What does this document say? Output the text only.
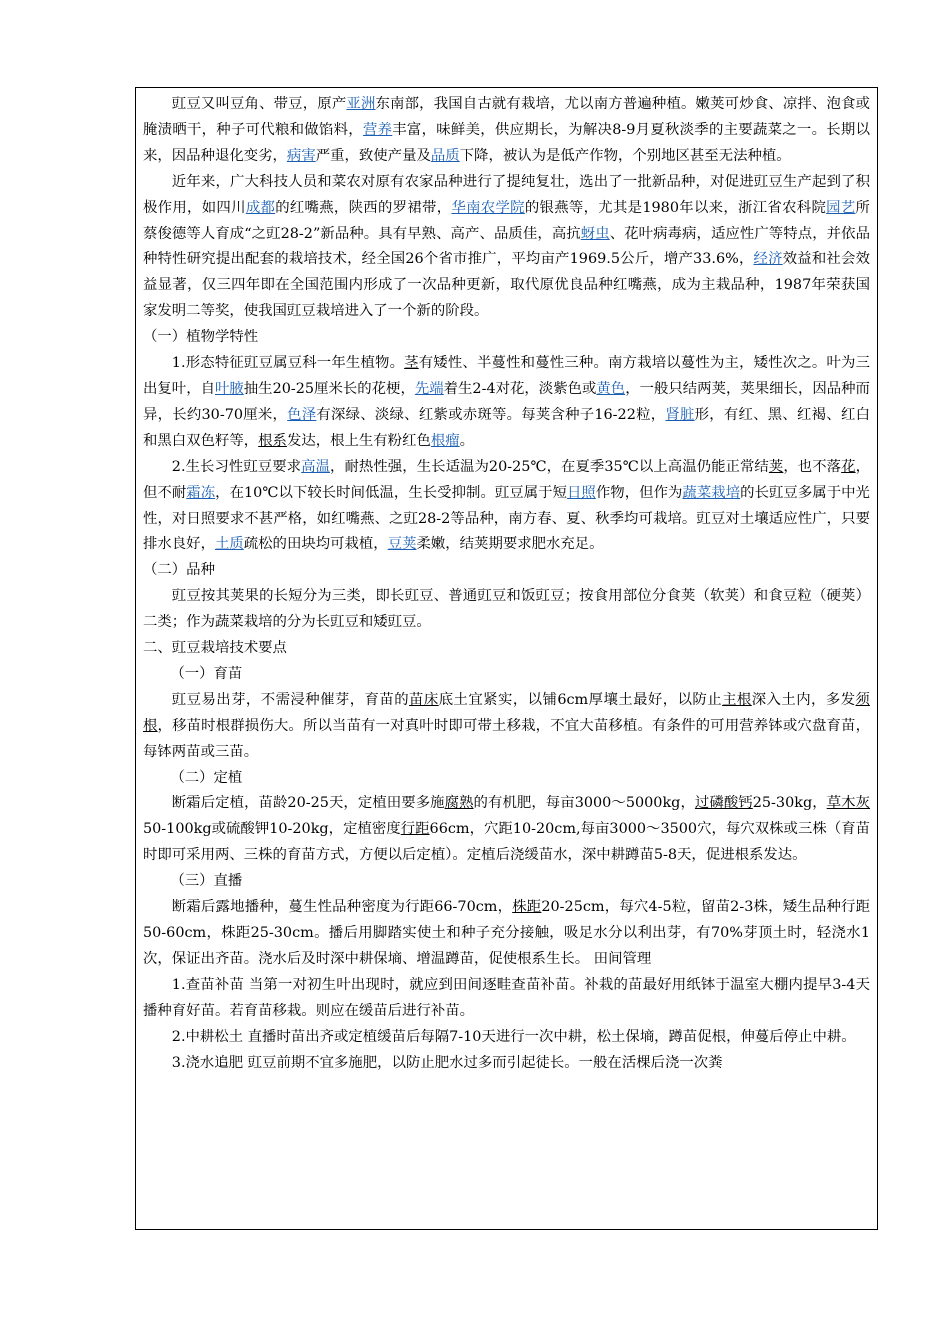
豇豆又叫豆角、带豆，原产亚洲东南部，我国自古就有栽培，尤以南方普遍种植。嫩荚可炒食、凉拌、泡食或腌渍晒干，种子可代粮和做馅料，营养丰富，味鲜美，供应期长，为解决8-9月夏秋淡季的主要蔬菜之一。长期以来，因品种退化变劣，病害严重，致使产量及品质下降，被认为是低产作物，个别地区甚至无法种植。
近年来，广大科技人员和菜农对原有农家品种进行了提纯复壮，选出了一批新品种，对促进豇豆生产起到了积极作用，如四川成都的红嘴燕，陕西的罗裙带，华南农学院的银燕等，尤其是1980年以来，浙江省农科院园艺所蔡俊德等人育成“之豇28-2”新品种。具有早熟、高产、品质佳，高抗蚜虫、花叶病毒病，适应性广等特点，并依品种特性研究提出配套的栽培技术，经全国26个省市推广，平均亩产1969.5公斤，增产33.6%，经济效益和社会效益显著，仅三四年即在全国范围内形成了一次品种更新，取代原优良品种红嘴燕，成为主栽品种，1987年荣获国家发明二等奖，使我国豇豆栽培进入了一个新的阶段。
（一）植物学特性
1.形态特征豇豆属豆科一年生植物。茎有矮性、半蔓性和蔓性三种。南方栽培以蔓性为主，矮性次之。叶为三出复叶，自叶腋抽生20-25厘米长的花梗，先端着生2-4对花，淡紫色或黄色，一般只结两荚，荚果细长，因品种而异，长约30-70厘米，色泽有深绿、淡绿、红紫或赤斑等。每荚含种子16-22粒，肾脏形，有红、黑、红褐、红白和黑白双色籽等，根系发达，根上生有粉红色根瘤。
2.生长习性豇豆要求高温，耐热性强，生长适温为20-25℃，在夏季35℃以上高温仍能正常结荚，也不落花，但不耐霜冻，在10℃以下较长时间低温，生长受抑制。豇豆属于短日照作物，但作为蔬菜栽培的长豇豆多属于中光性，对日照要求不甚严格，如红嘴燕、之豇28-2等品种，南方春、夏、秋季均可栽培。豇豆对土壤适应性广，只要排水良好，土质疏松的田块均可栽植，豆荚柔嫩，结荚期要求肥水充足。
（二）品种
豇豆按其荚果的长短分为三类，即长豇豆、普通豇豆和饭豇豆；按食用部位分食荚（软荚）和食豆粒（硬荚）二类；作为蔬菜栽培的分为长豇豆和矮豇豆。
二、豇豆栽培技术要点
（一）育苗
豇豆易出芽，不需浸种催芽，育苗的苗床底土宜紧实，以铺6cm厚壤土最好，以防止主根深入土内，多发须根，移苗时根群损伤大。所以当苗有一对真叶时即可带土移栽，不宜大苗移植。有条件的可用营养钵或穴盘育苗，每钵两苗或三苗。
（二）定植
断霜后定植，苗龄20-25天，定植田要多施腐熟的有机肥，每亩3000～5000kg，过磷酸钙25-30kg，草木灰50-100kg或硫酸钾10-20kg，定植密度行距66cm，穴距10-20cm,每亩3000～3500穴，每穴双株或三株（育苗时即可采用两、三株的育苗方式，方便以后定植）。定植后浇缓苗水，深中耕蹲苗5-8天，促进根系发达。
（三）直播
断霜后露地播种，蔓生性品种密度为行距66-70cm，株距20-25cm，每穴4-5粒，留苗2-3株，矮生品种行距50-60cm，株距25-30cm。播后用脚踏实使土和种子充分接触，吸足水分以利出芽，有70%芽顶土时，轻浇水1次，保证出齐苗。浇水后及时深中耕保墒、增温蹲苗，促使根系生长。 田间管理
1.查苗补苗 当第一对初生叶出现时，就应到田间逐畦查苗补苗。补栽的苗最好用纸钵于温室大棚内提早3-4天播种育好苗。若育苗移栽。则应在缓苗后进行补苗。
2.中耕松土 直播时苗出齐或定植缓苗后每隔7-10天进行一次中耕，松土保墒，蹲苗促根，伸蔓后停止中耕。
3.浇水追肥 豇豆前期不宜多施肥，以防止肥水过多而引起徒长。一般在活棵后浇一次粪
